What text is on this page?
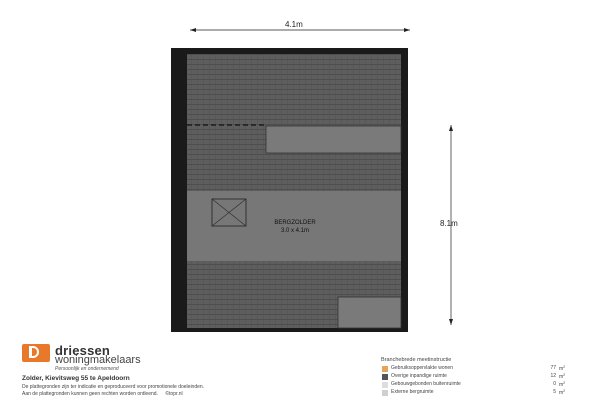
4.1m
8.1m
BERGZOLDER
3.0 x 4.1m
driessen
woningmakelaars
Persoonlijk en ondernemend
Zolder, Kievitsweg 55 te Apeldoorn
De plattegronden zijn ter indicatie en geproduceerd voor promotionele doeleinden.
Aan de plattegronden kunnen geen rechten worden ontleend. ©topr.nl
Branchebrede meetinstructie
Gebruiksoppervlakte wonen	77 $m^2$
Overige inpandige ruimte	12 $m^2$
Gebouwgebonden buitenruimte	0 $m^2$
Externe bergruimte	5 $m^2$
